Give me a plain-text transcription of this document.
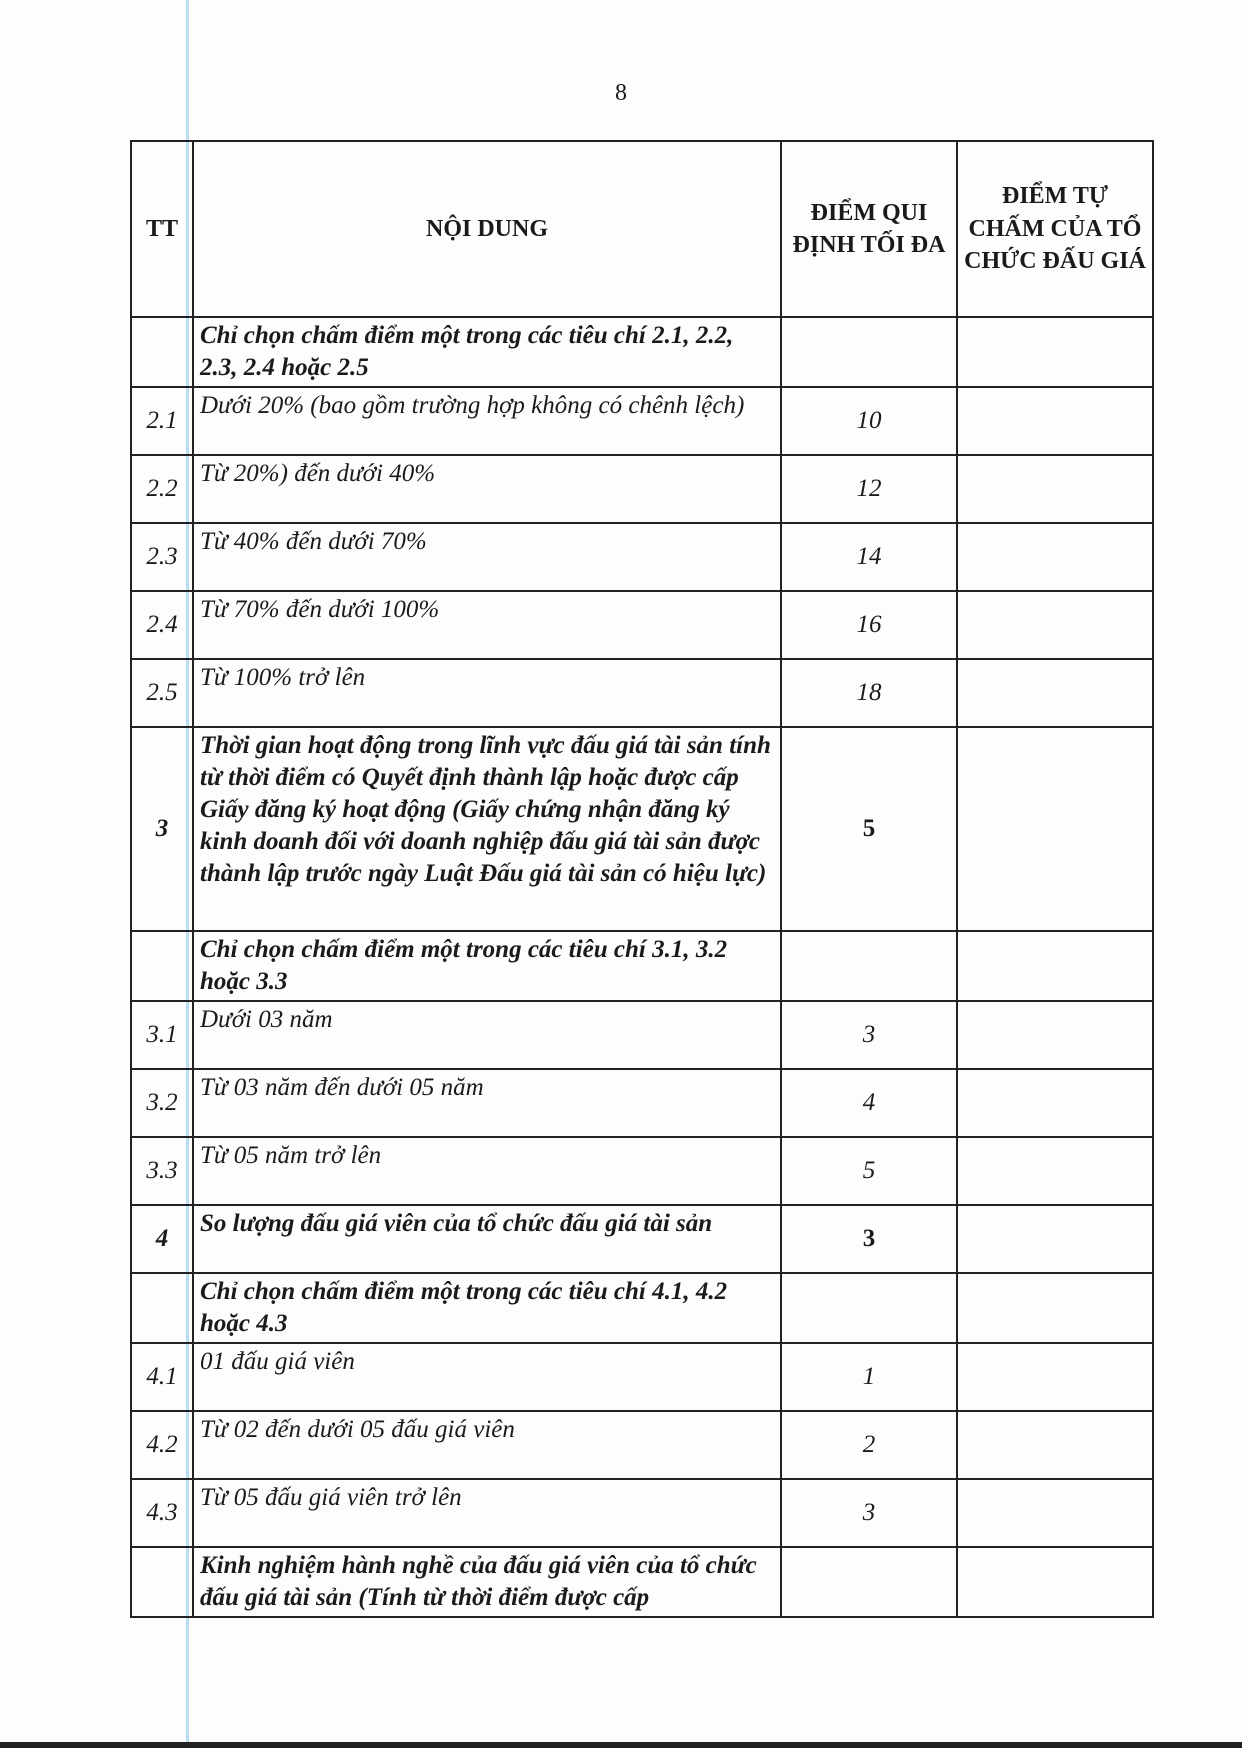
8
TT	NỘI DUNG	ĐIỂM QUI ĐỊNH TỐI ĐA	ĐIỂM TỰ CHẤM CỦA TỔ CHỨC ĐẤU GIÁ
	Chỉ chọn chấm điểm một trong các tiêu chí 2.1, 2.2, 2.3, 2.4 hoặc 2.5		
2.1	Dưới 20% (bao gồm trường hợp không có chênh lệch)	10	
2.2	Từ 20%) đến dưới 40%	12	
2.3	Từ 40% đến dưới 70%	14	
2.4	Từ 70% đến dưới 100%	16	
2.5	Từ 100% trở lên	18	
3	Thời gian hoạt động trong lĩnh vực đấu giá tài sản tính từ thời điểm có Quyết định thành lập hoặc được cấp Giấy đăng ký hoạt động (Giấy chứng nhận đăng ký kinh doanh đối với doanh nghiệp đấu giá tài sản được thành lập trước ngày Luật Đấu giá tài sản có hiệu lực)	5	
	Chỉ chọn chấm điểm một trong các tiêu chí 3.1, 3.2 hoặc 3.3		
3.1	Dưới 03 năm	3	
3.2	Từ 03 năm đến dưới 05 năm	4	
3.3	Từ 05 năm trở lên	5	
4	So lượng đấu giá viên của tổ chức đấu giá tài sản	3	
	Chỉ chọn chấm điểm một trong các tiêu chí 4.1, 4.2 hoặc 4.3		
4.1	01 đấu giá viên	1	
4.2	Từ 02 đến dưới 05 đấu giá viên	2	
4.3	Từ 05 đấu giá viên trở lên	3	
	Kinh nghiệm hành nghề của đấu giá viên của tổ chức đấu giá tài sản (Tính từ thời điểm được cấp		
